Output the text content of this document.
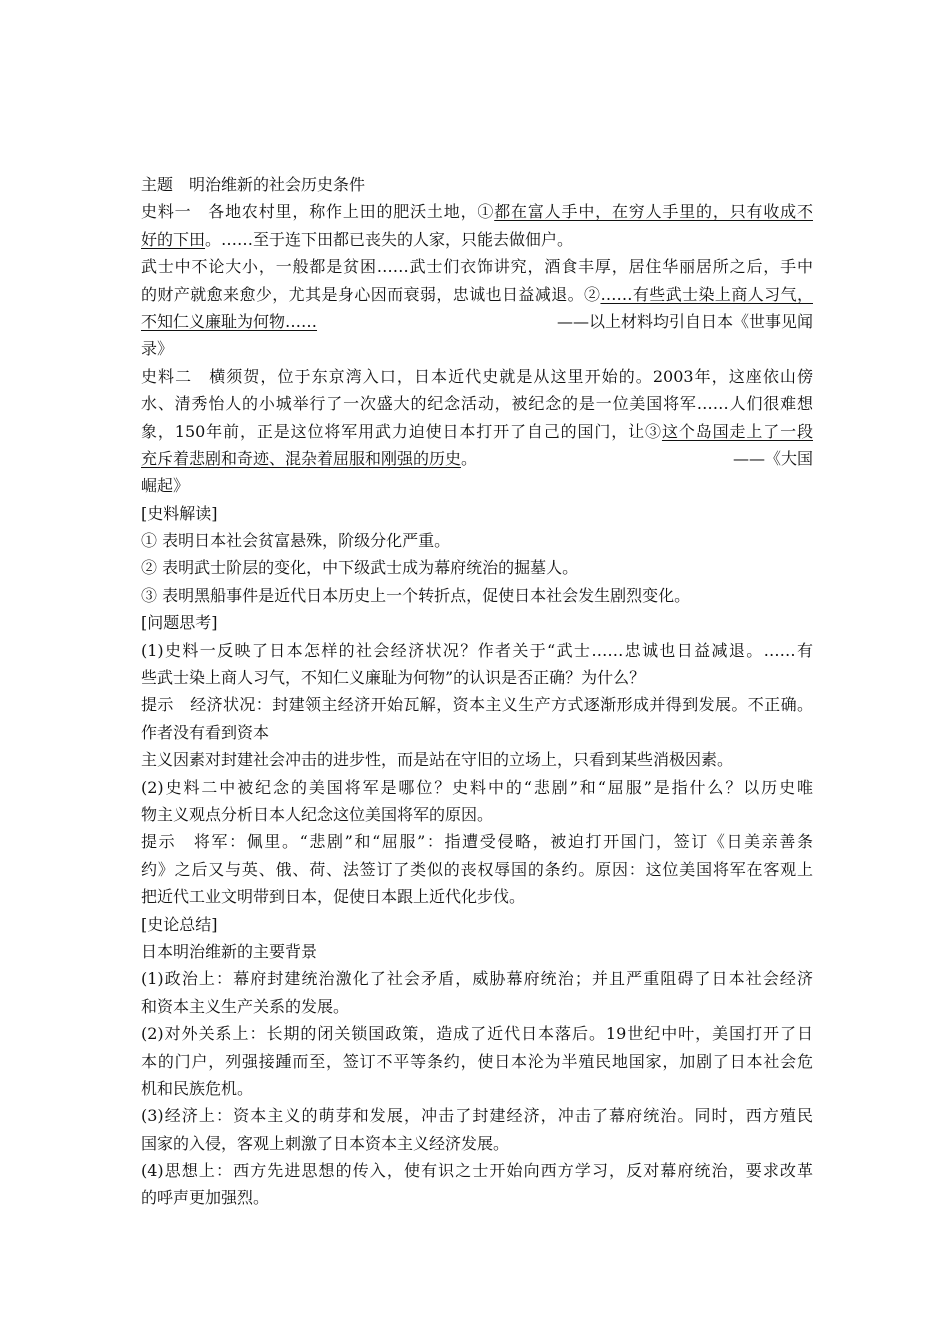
主题　明治维新的社会历史条件
史料一　各地农村里，称作上田的肥沃土地，①都在富人手中，在穷人手里的，只有收成不
好的下田。……至于连下田都已丧失的人家，只能去做佃户。
武士中不论大小，一般都是贫困……武士们衣饰讲究，酒食丰厚，居住华丽居所之后，手中
的财产就愈来愈少，尤其是身心因而衰弱，忠诚也日益减退。②……有些武士染上商人习气，
不知仁义廉耻为何物……	——以上材料均引自日本《世事见闻
录》
史料二　横须贺，位于东京湾入口，日本近代史就是从这里开始的。2003年，这座依山傍
水、清秀怡人的小城举行了一次盛大的纪念活动，被纪念的是一位美国将军……人们很难想
象，150年前，正是这位将军用武力迫使日本打开了自己的国门，让③这个岛国走上了一段
充斥着悲剧和奇迹、混杂着屈服和刚强的历史。	——《大国
崛起》
[史料解读]
① 表明日本社会贫富悬殊，阶级分化严重。
② 表明武士阶层的变化，中下级武士成为幕府统治的掘墓人。
③ 表明黑船事件是近代日本历史上一个转折点，促使日本社会发生剧烈变化。
[问题思考]
(1)史料一反映了日本怎样的社会经济状况？作者关于“武士……忠诚也日益减退。……有
些武士染上商人习气，不知仁义廉耻为何物”的认识是否正确？为什么？
提示　经济状况：封建领主经济开始瓦解，资本主义生产方式逐渐形成并得到发展。不正确。
作者没有看到资本
主义因素对封建社会冲击的进步性，而是站在守旧的立场上，只看到某些消极因素。
(2)史料二中被纪念的美国将军是哪位？史料中的“悲剧”和“屈服”是指什么？以历史唯
物主义观点分析日本人纪念这位美国将军的原因。
提示　将军：佩里。“悲剧”和“屈服”：指遭受侵略，被迫打开国门，签订《日美亲善条
约》之后又与英、俄、荷、法签订了类似的丧权辱国的条约。原因：这位美国将军在客观上
把近代工业文明带到日本，促使日本跟上近代化步伐。
[史论总结]
日本明治维新的主要背景
(1)政治上：幕府封建统治激化了社会矛盾，威胁幕府统治；并且严重阻碍了日本社会经济
和资本主义生产关系的发展。
(2)对外关系上：长期的闭关锁国政策，造成了近代日本落后。19世纪中叶，美国打开了日
本的门户，列强接踵而至，签订不平等条约，使日本沦为半殖民地国家，加剧了日本社会危
机和民族危机。
(3)经济上：资本主义的萌芽和发展，冲击了封建经济，冲击了幕府统治。同时，西方殖民
国家的入侵，客观上刺激了日本资本主义经济发展。
(4)思想上：西方先进思想的传入，使有识之士开始向西方学习，反对幕府统治，要求改革
的呼声更加强烈。
